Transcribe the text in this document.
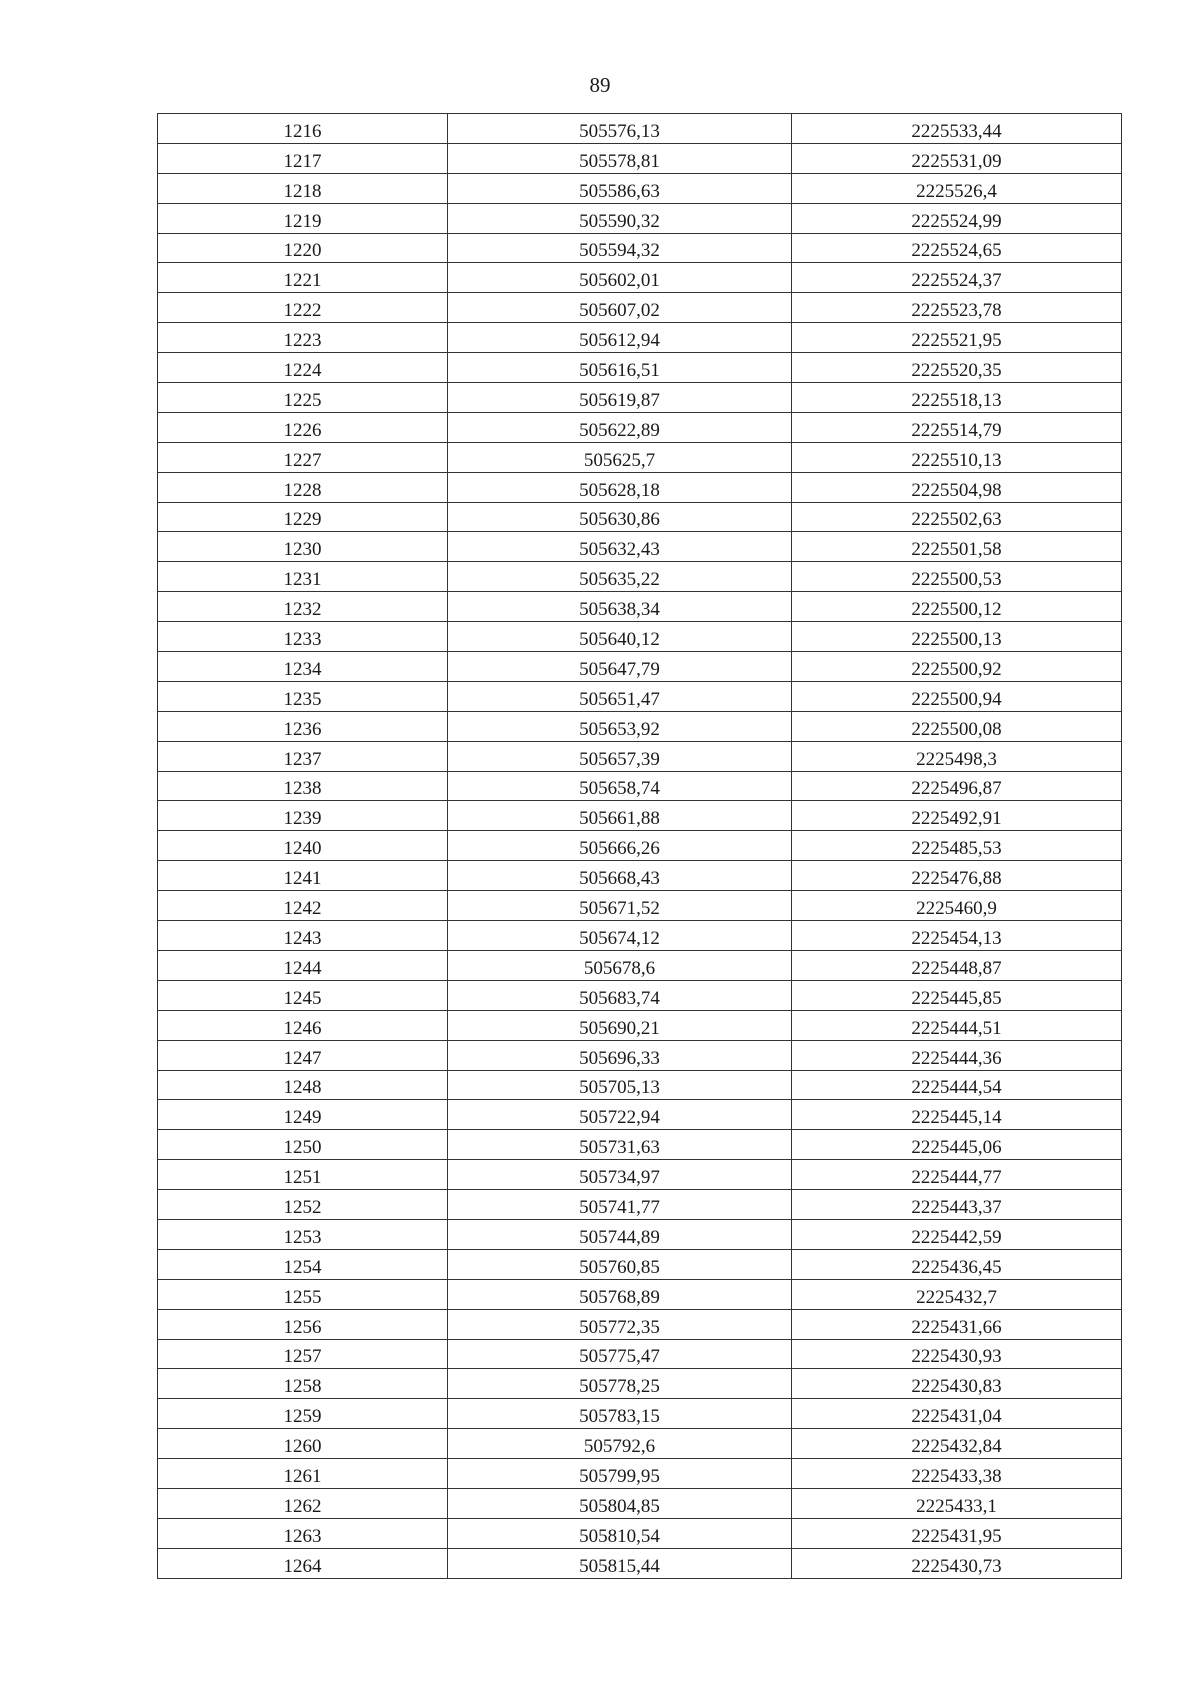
89
1216	505576,13	2225533,44
1217	505578,81	2225531,09
1218	505586,63	2225526,4
1219	505590,32	2225524,99
1220	505594,32	2225524,65
1221	505602,01	2225524,37
1222	505607,02	2225523,78
1223	505612,94	2225521,95
1224	505616,51	2225520,35
1225	505619,87	2225518,13
1226	505622,89	2225514,79
1227	505625,7	2225510,13
1228	505628,18	2225504,98
1229	505630,86	2225502,63
1230	505632,43	2225501,58
1231	505635,22	2225500,53
1232	505638,34	2225500,12
1233	505640,12	2225500,13
1234	505647,79	2225500,92
1235	505651,47	2225500,94
1236	505653,92	2225500,08
1237	505657,39	2225498,3
1238	505658,74	2225496,87
1239	505661,88	2225492,91
1240	505666,26	2225485,53
1241	505668,43	2225476,88
1242	505671,52	2225460,9
1243	505674,12	2225454,13
1244	505678,6	2225448,87
1245	505683,74	2225445,85
1246	505690,21	2225444,51
1247	505696,33	2225444,36
1248	505705,13	2225444,54
1249	505722,94	2225445,14
1250	505731,63	2225445,06
1251	505734,97	2225444,77
1252	505741,77	2225443,37
1253	505744,89	2225442,59
1254	505760,85	2225436,45
1255	505768,89	2225432,7
1256	505772,35	2225431,66
1257	505775,47	2225430,93
1258	505778,25	2225430,83
1259	505783,15	2225431,04
1260	505792,6	2225432,84
1261	505799,95	2225433,38
1262	505804,85	2225433,1
1263	505810,54	2225431,95
1264	505815,44	2225430,73
